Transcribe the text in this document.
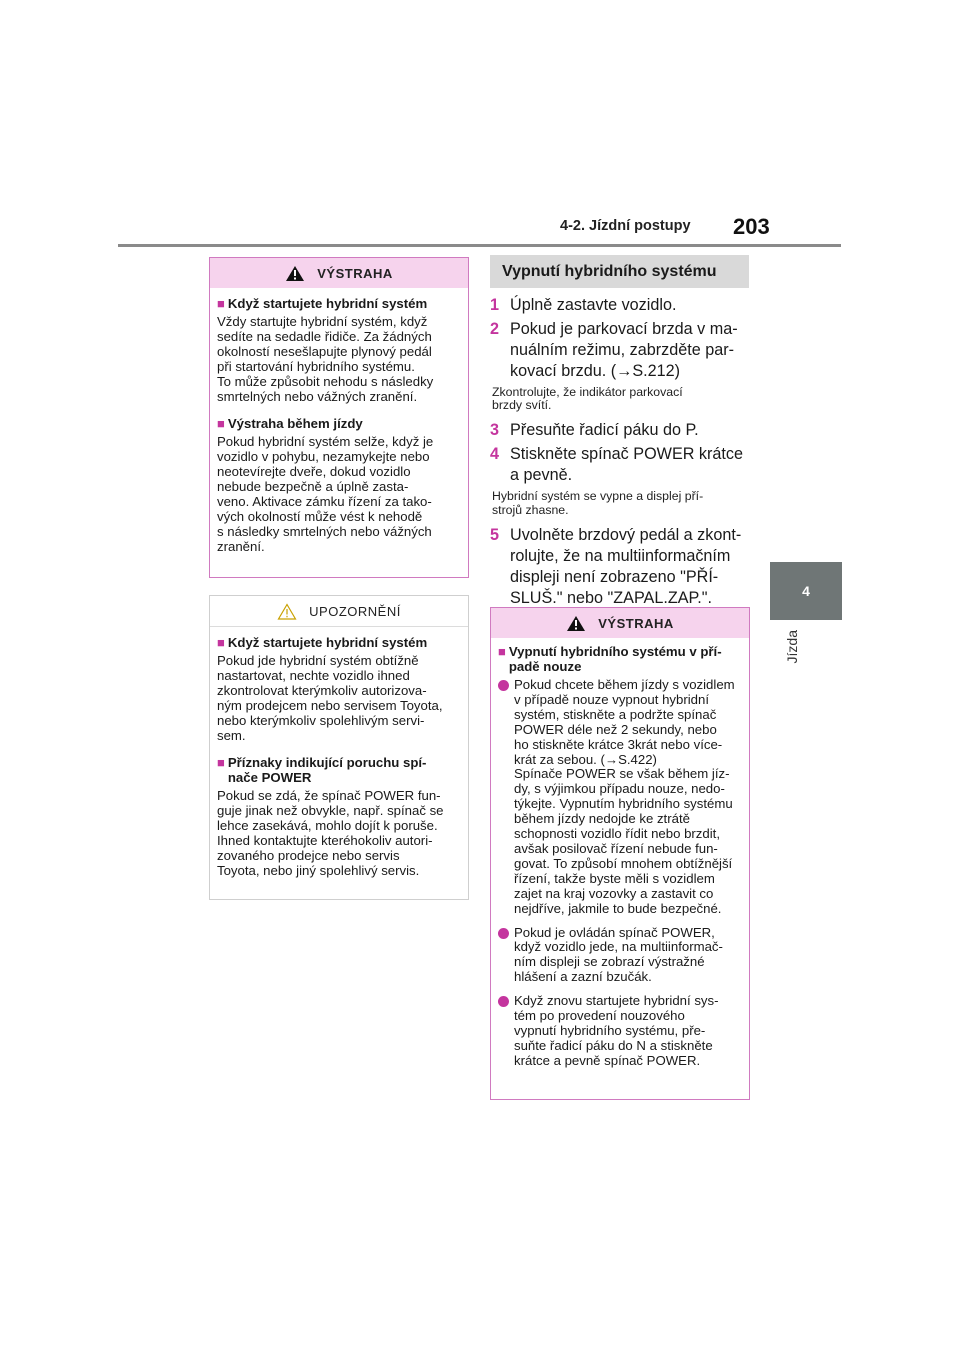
4-2. Jízdní postupy 203
4
Jízda
VÝSTRAHA
■ Když startujete hybridní systém
Vždy startujte hybridní systém, když
sedíte na sedadle řidiče. Za žádných
okolností nesešlapujte plynový pedál
při startování hybridního systému.
To může způsobit nehodu s následky
smrtelných nebo vážných zranění.
■ Výstraha během jízdy
Pokud hybridní systém selže, když je
vozidlo v pohybu, nezamykejte nebo
neotevírejte dveře, dokud vozidlo
nebude bezpečně a úplně zasta-
veno. Aktivace zámku řízení za tako-
vých okolností může vést k nehodě
s následky smrtelných nebo vážných
zranění.
UPOZORNĚNÍ
■ Když startujete hybridní systém
Pokud jde hybridní systém obtížně
nastartovat, nechte vozidlo ihned
zkontrolovat kterýmkoliv autorizova-
ným prodejcem nebo servisem Toyota,
nebo kterýmkoliv spolehlivým servi-
sem.
■ Příznaky indikující poruchu spí-
nače POWER
Pokud se zdá, že spínač POWER fun-
guje jinak než obvykle, např. spínač se
lehce zasekává, mohlo dojít k poruše.
Ihned kontaktujte kteréhokoliv autori-
zovaného prodejce nebo servis
Toyota, nebo jiný spolehlivý servis.
Vypnutí hybridního systému
1 Úplně zastavte vozidlo.
2 Pokud je parkovací brzda v ma-
nuálním režimu, zabrzděte par-
kovací brzdu. (→S.212)
Zkontrolujte, že indikátor parkovací
brzdy svítí.
3 Přesuňte řadicí páku do P.
4 Stiskněte spínač POWER krátce
a pevně.
Hybridní systém se vypne a displej pří-
strojů zhasne.
5 Uvolněte brzdový pedál a zkont-
rolujte, že na multiinformačním
displeji není zobrazeno "PŘÍ-
SLUŠ." nebo "ZAPAL.ZAP.".
VÝSTRAHA
■ Vypnutí hybridního systému v pří-
padě nouze
Pokud chcete během jízdy s vozidlem
v případě nouze vypnout hybridní
systém, stiskněte a podržte spínač
POWER déle než 2 sekundy, nebo
ho stiskněte krátce 3krát nebo více-
krát za sebou. (→S.422)
Spínače POWER se však během jíz-
dy, s výjimkou případu nouze, nedo-
týkejte. Vypnutím hybridního systému
během jízdy nedojde ke ztrátě
schopnosti vozidlo řídit nebo brzdit,
avšak posilovač řízení nebude fun-
govat. To způsobí mnohem obtížnější
řízení, takže byste měli s vozidlem
zajet na kraj vozovky a zastavit co
nejdříve, jakmile to bude bezpečné.
Pokud je ovládán spínač POWER,
když vozidlo jede, na multiinformač-
ním displeji se zobrazí výstražné
hlášení a zazní bzučák.
Když znovu startujete hybridní sys-
tém po provedení nouzového
vypnutí hybridního systému, pře-
suňte řadicí páku do N a stiskněte
krátce a pevně spínač POWER.
